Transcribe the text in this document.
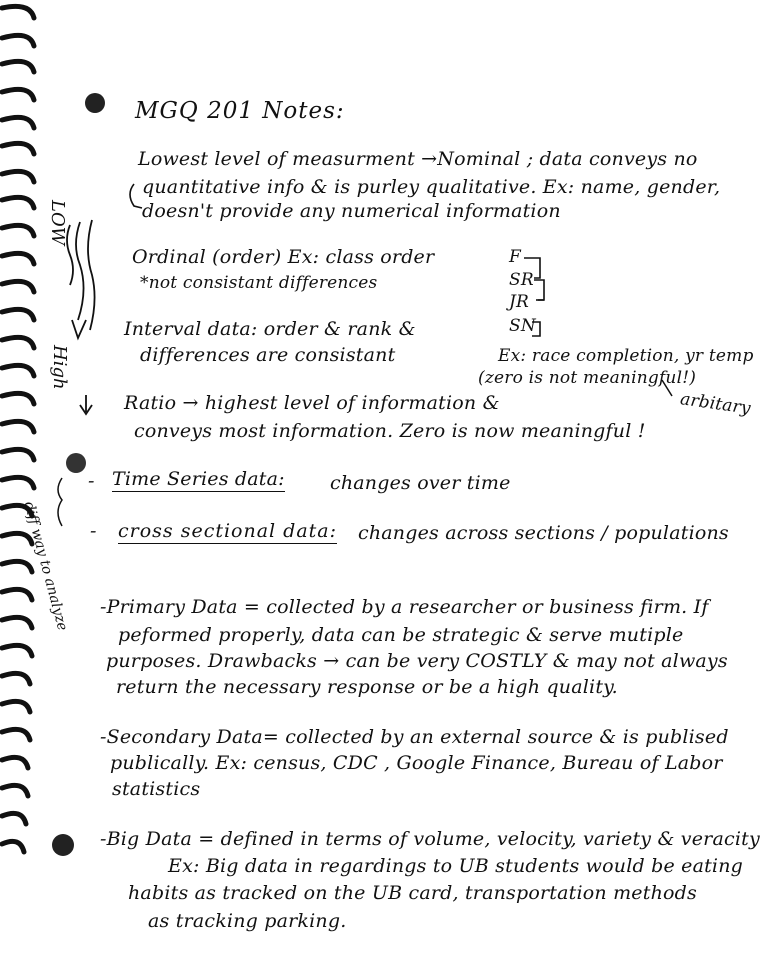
MGQ 201 Notes:
LOW
High
Lowest level of measurment →Nominal ; data conveys no
quantitative info & is purley qualitative. Ex: name, gender,
doesn't provide any numerical information
Ordinal (order) Ex: class order
*not consistant differences
F
SR
JR
SN
Interval data: order & rank &
differences are consistant	Ex: race completion, yr temp
(zero is not meaningful!)
arbitary
Ratio → highest level of information &
conveys most information. Zero is now meaningful !
diff way to analyze
- Time Series data: changes over time
- cross sectional data: changes across sections / populations
-Primary Data = collected by a researcher or business firm. If
peformed properly, data can be strategic & serve mutiple
purposes. Drawbacks → can be very COSTLY & may not always
return the necessary response or be a high quality.
-Secondary Data= collected by an external source & is publised
publically. Ex: census, CDC , Google Finance, Bureau of Labor
statistics
-Big Data = defined in terms of volume, velocity, variety & veracity
Ex: Big data in regardings to UB students would be eating
habits as tracked on the UB card, transportation methods
as tracking parking.
